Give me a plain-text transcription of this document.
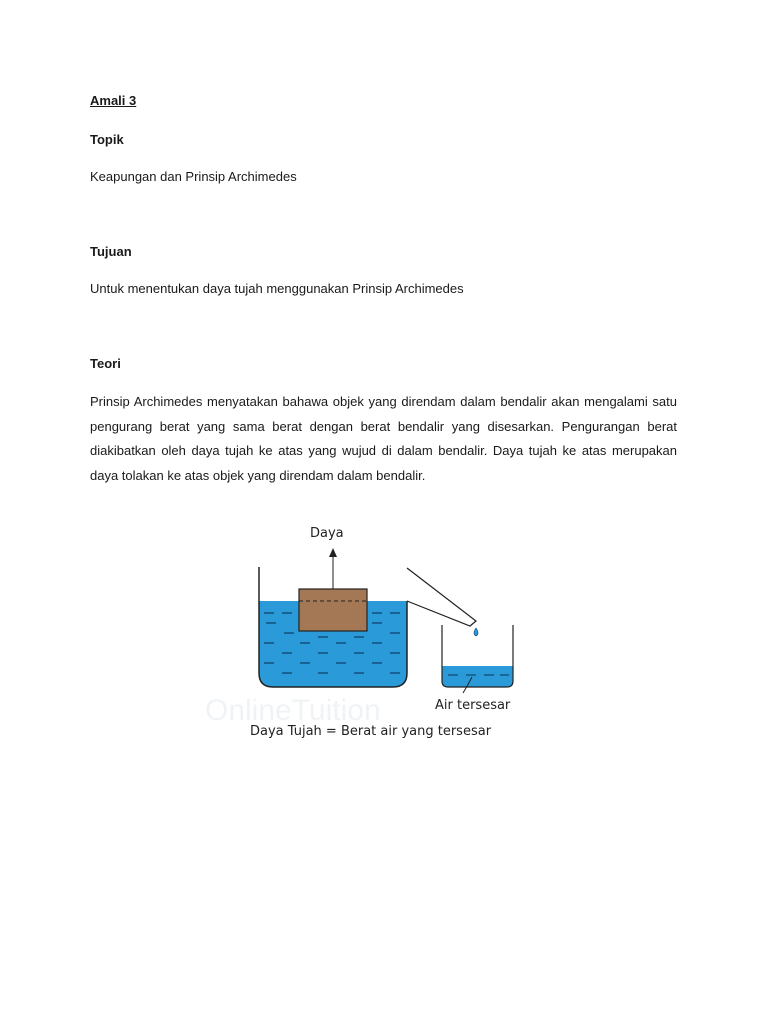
Amali 3
Topik
Keapungan dan Prinsip Archimedes
Tujuan
Untuk menentukan daya tujah menggunakan Prinsip Archimedes
Teori
Prinsip Archimedes menyatakan bahawa objek yang direndam dalam bendalir akan mengalami satu pengurang berat yang sama berat dengan berat bendalir yang disesarkan. Pengurangan berat diakibatkan oleh daya tujah ke atas yang wujud di dalam bendalir. Daya tujah ke atas merupakan daya tolakan ke atas objek yang direndam dalam bendalir.
OnlineTuition
Daya
Air tersesar
Daya Tujah = Berat air yang tersesar
